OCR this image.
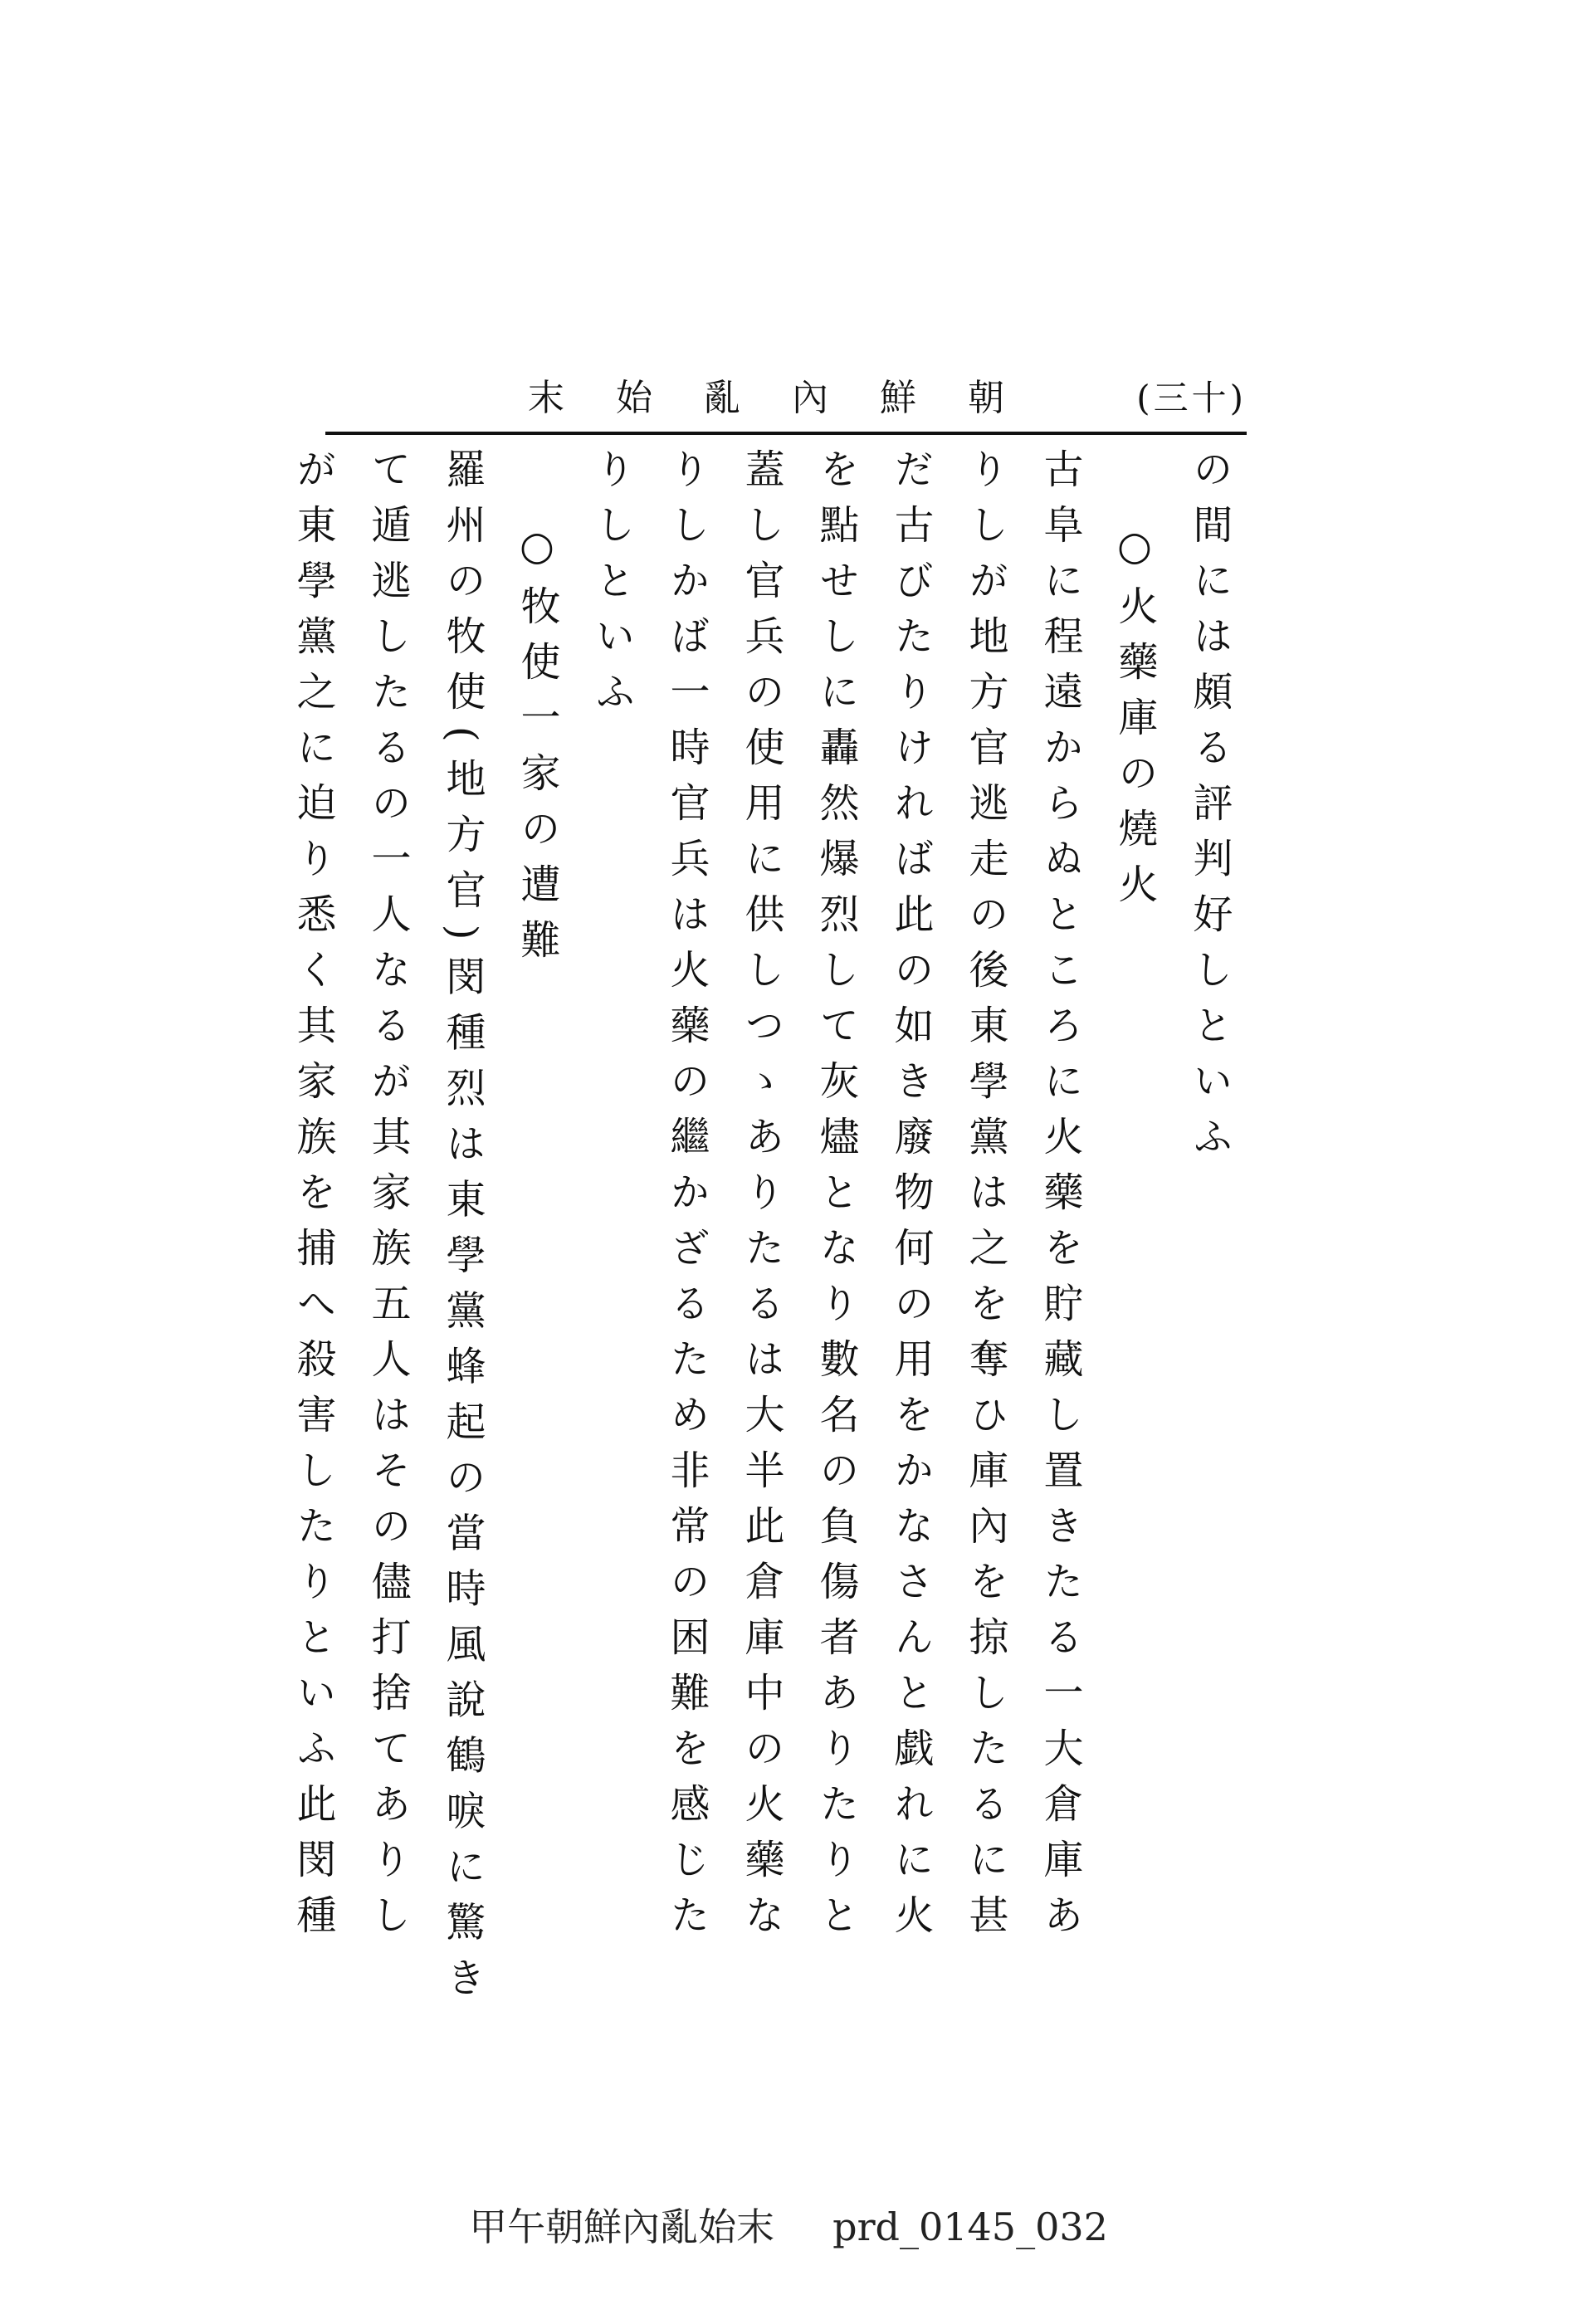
(三十)
朝鮮內亂始末
の間には頗る評判好しといふ
○火藥庫の燒火
古阜に程遠からぬところに火藥を貯藏し置きたる一大倉庫あ
りしが地方官逃走の後東學黨は之を奪ひ庫內を掠したるに甚
だ古びたりければ此の如き廢物何の用をかなさんと戯れに火
を點せしに轟然爆烈して灰燼となり數名の負傷者ありたりと
蓋し官兵の使用に供しつゝありたるは大半此倉庫中の火藥な
りしかば一時官兵は火藥の繼かざるため非常の困難を感じた
りしといふ
○牧使一家の遭難
羅州の牧使(地方官)閔種烈は東學黨蜂起の當時風說鶴唳に驚き
て遁逃したるの一人なるが其家族五人はその儘打捨てありし
が東學黨之に迫り悉く其家族を捕へ殺害したりといふ此閔種
甲午朝鮮內亂始末 prd_0145_032
